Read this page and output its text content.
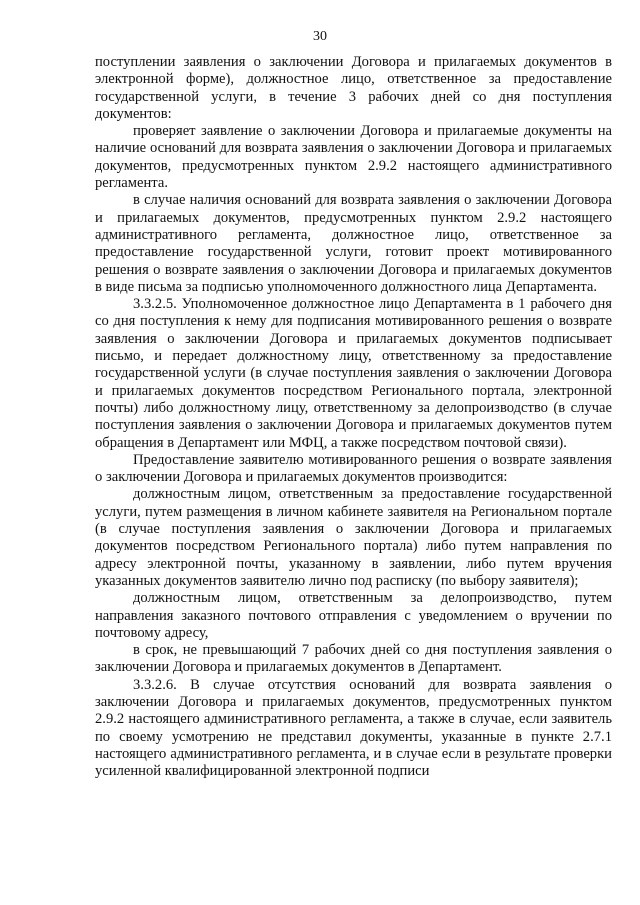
30

поступлении заявления о заключении Договора и прилагаемых документов в электронной форме), должностное лицо, ответственное за предоставление государственной услуги, в течение 3 рабочих дней со дня поступления документов:

проверяет заявление о заключении Договора и прилагаемые документы на наличие оснований для возврата заявления о заключении Договора и прилагаемых документов, предусмотренных пунктом 2.9.2 настоящего административного регламента.

в случае наличия оснований для возврата заявления о заключении Договора и прилагаемых документов, предусмотренных пунктом 2.9.2 настоящего административного регламента, должностное лицо, ответственное за предоставление государственной услуги, готовит проект мотивированного решения о возврате заявления о заключении Договора и прилагаемых документов в виде письма за подписью уполномоченного должностного лица Департамента.

3.3.2.5. Уполномоченное должностное лицо Департамента в 1 рабочего дня со дня поступления к нему для подписания мотивированного решения о возврате заявления о заключении Договора и прилагаемых документов подписывает письмо, и передает должностному лицу, ответственному за предоставление государственной услуги (в случае поступления заявления о заключении Договора и прилагаемых документов посредством Регионального портала, электронной почты) либо должностному лицу, ответственному за делопроизводство (в случае поступления заявления о заключении Договора и прилагаемых документов путем обращения в Департамент или МФЦ, а также посредством почтовой связи).

Предоставление заявителю мотивированного решения о возврате заявления о заключении Договора и прилагаемых документов производится:

должностным лицом, ответственным за предоставление государственной услуги, путем размещения в личном кабинете заявителя на Региональном портале (в случае поступления заявления о заключении Договора и прилагаемых документов посредством Регионального портала) либо путем направления по адресу электронной почты, указанному в заявлении, либо путем вручения указанных документов заявителю лично под расписку (по выбору заявителя);

должностным лицом, ответственным за делопроизводство, путем направления заказного почтового отправления с уведомлением о вручении по почтовому адресу,

в срок, не превышающий 7 рабочих дней со дня поступления заявления о заключении Договора и прилагаемых документов в Департамент.

3.3.2.6. В случае отсутствия оснований для возврата заявления о заключении Договора и прилагаемых документов, предусмотренных пунктом 2.9.2 настоящего административного регламента, а также в случае, если заявитель по своему усмотрению не представил документы, указанные в пункте 2.7.1 настоящего административного регламента, и в случае если в результате проверки усиленной квалифицированной электронной подписи
